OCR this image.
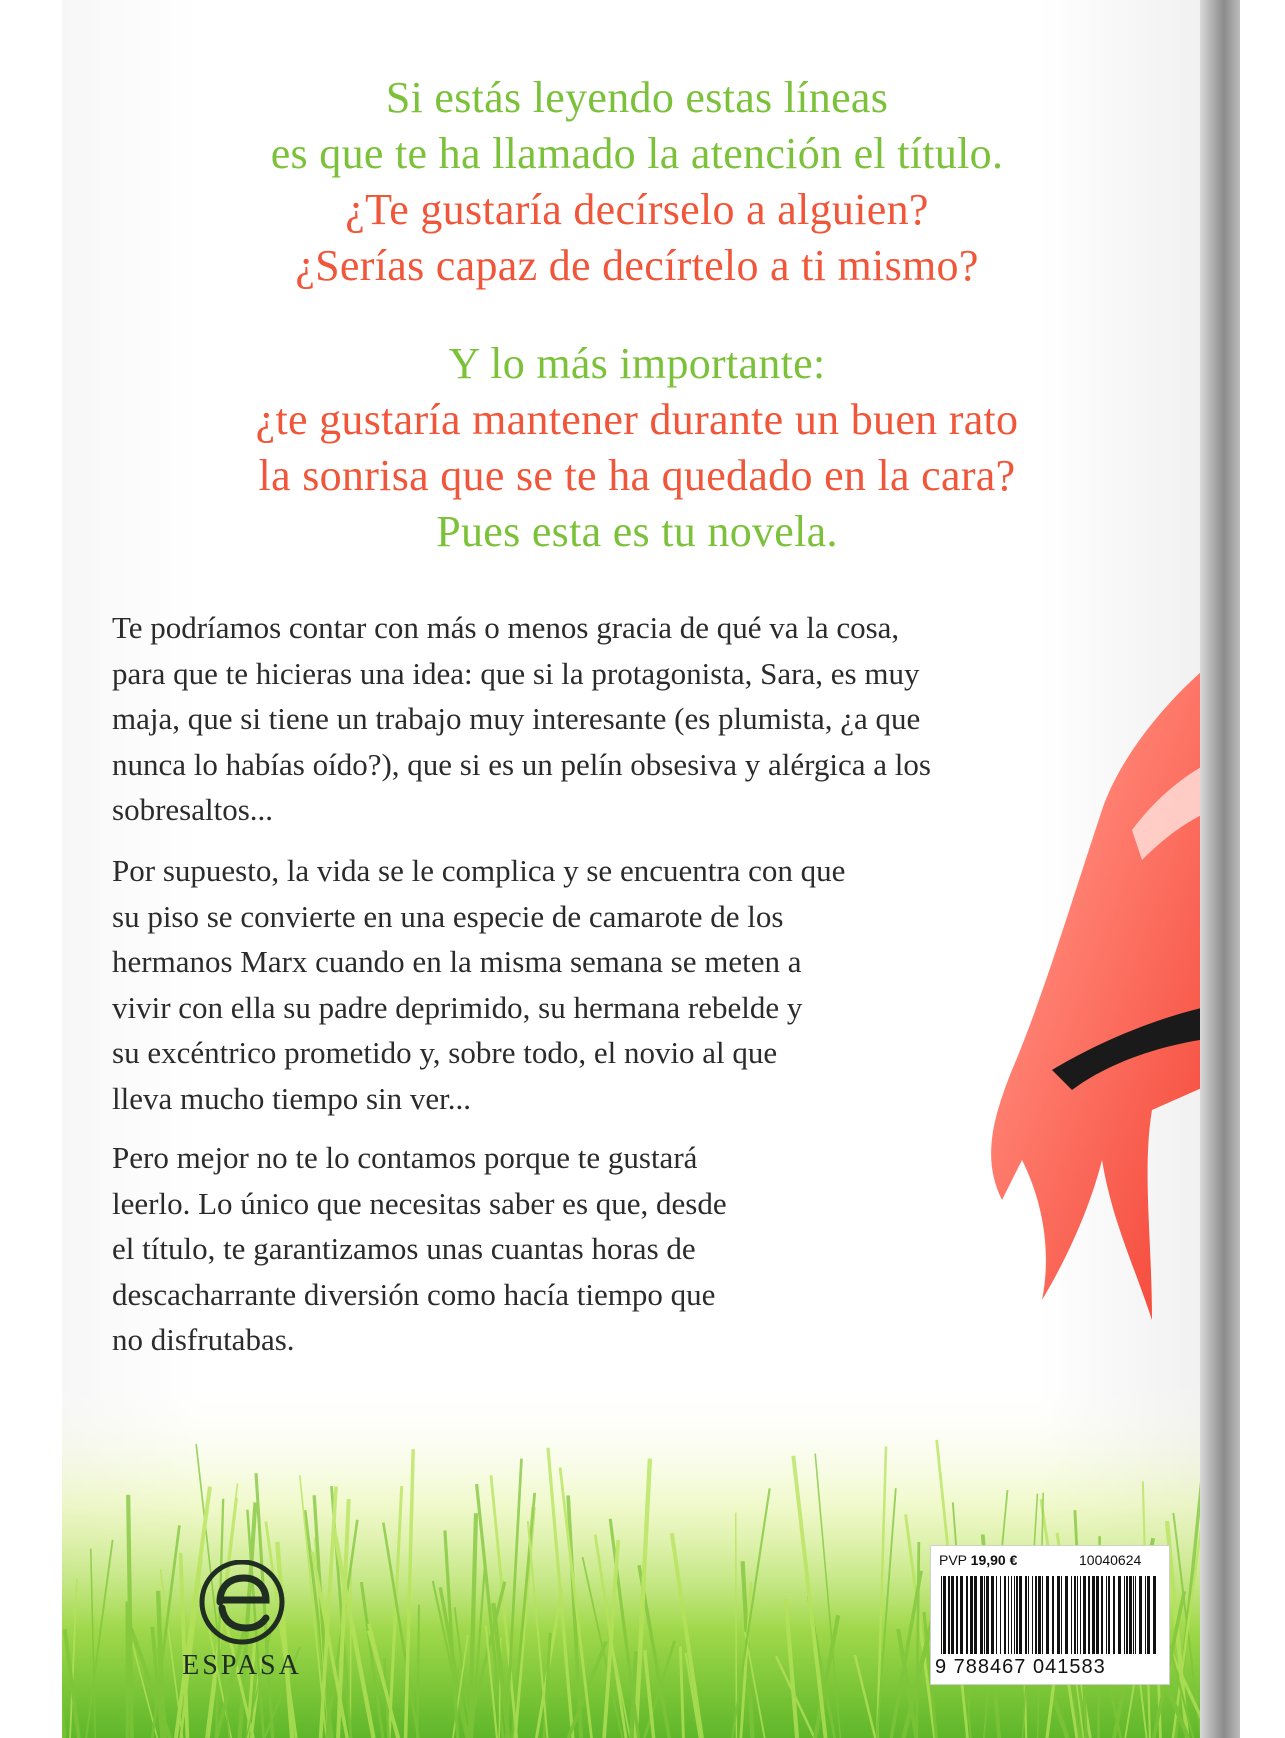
Si estás leyendo estas líneas

es que te ha llamado la atención el título.

¿Te gustaría decírselo a alguien?

¿Serías capaz de decírtelo a ti mismo?

Y lo más importante:

¿te gustaría mantener durante un buen rato

la sonrisa que se te ha quedado en la cara?

Pues esta es tu novela.

Te podríamos contar con más o menos gracia de qué va la cosa,

para que te hicieras una idea: que si la protagonista, Sara, es muy

maja, que si tiene un trabajo muy interesante (es plumista, ¿a que

nunca lo habías oído?), que si es un pelín obsesiva y alérgica a los

sobresaltos...

Por supuesto, la vida se le complica y se encuentra con que

su piso se convierte en una especie de camarote de los

hermanos Marx cuando en la misma semana se meten a

vivir con ella su padre deprimido, su hermana rebelde y

su excéntrico prometido y, sobre todo, el novio al que

lleva mucho tiempo sin ver...

Pero mejor no te lo contamos porque te gustará

leerlo. Lo único que necesitas saber es que, desde

el título, te garantizamos unas cuantas horas de

descacharrante diversión como hacía tiempo que

no disfrutabas.

ESPASA
PVP 19,90 €	10040624
9 788467 041583
